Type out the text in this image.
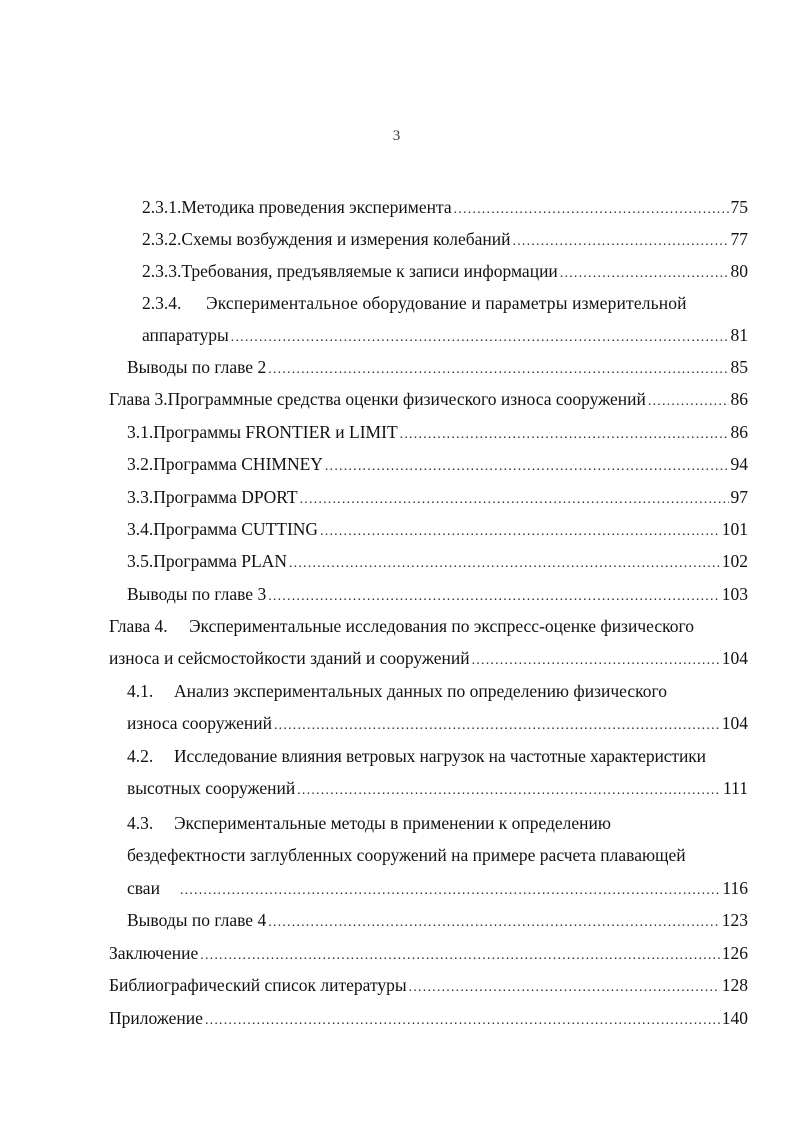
3
2.3.1. Методика проведения эксперимента .....	75
2.3.2. Схемы возбуждения и измерения колебаний .....	77
2.3.3. Требования, предъявляемые к записи информации .....	80
2.3.4.	Экспериментальное оборудование и параметры измерительной
аппаратуры .....	81
Выводы по главе 2 .....	85
Глава 3. Программные средства оценки физического износа сооружений .....	86
3.1. Программы FRONTIER и LIMIT .....	86
3.2. Программа CHIMNEY .....	94
3.3. Программа DPORT .....	97
3.4. Программа CUTTING .....	101
3.5. Программа PLAN .....	102
Выводы по главе 3 .....	103
Глава 4.	Экспериментальные исследования по экспресс-оценке физического
износа и сейсмостойкости зданий и сооружений .....	104
4.1.	Анализ экспериментальных данных по определению физического
износа сооружений .....	104
4.2.	Исследование влияния ветровых нагрузок на частотные характеристики
высотных сооружений .....	111
4.3.	Экспериментальные методы в применении к определению
бездефектности заглубленных сооружений на примере расчета плавающей
сваи .....	116
Выводы по главе 4 .....	123
Заключение .....	126
Библиографический список литературы .....	128
Приложение .....	140
